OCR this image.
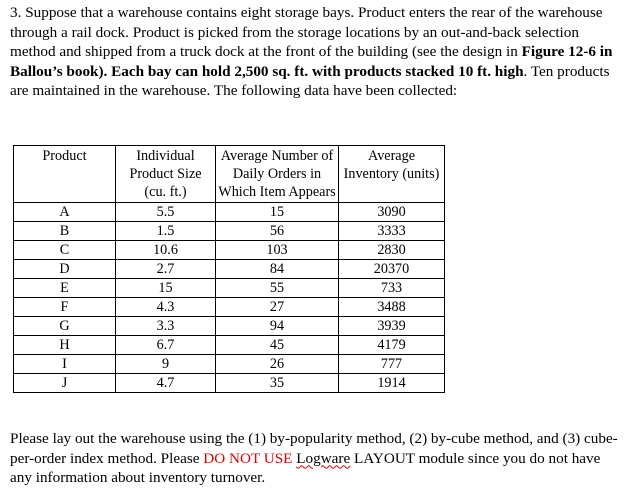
3. Suppose that a warehouse contains eight storage bays. Product enters the rear of the warehouse through a rail dock. Product is picked from the storage locations by an out-and-back selection method and shipped from a truck dock at the front of the building (see the design in Figure 12-6 in Ballou’s book). Each bay can hold 2,500 sq. ft. with products stacked 10 ft. high. Ten products are maintained in the warehouse. The following data have been collected:

Product	Individual Product Size (cu. ft.)	Average Number of Daily Orders in Which Item Appears	Average Inventory (units)
A	5.5	15	3090
B	1.5	56	3333
C	10.6	103	2830
D	2.7	84	20370
E	15	55	733
F	4.3	27	3488
G	3.3	94	3939
H	6.7	45	4179
I	9	26	777
J	4.7	35	1914

Please lay out the warehouse using the (1) by-popularity method, (2) by-cube method, and (3) cube-per-order index method. Please DO NOT USE Logware LAYOUT module since you do not have any information about inventory turnover.
